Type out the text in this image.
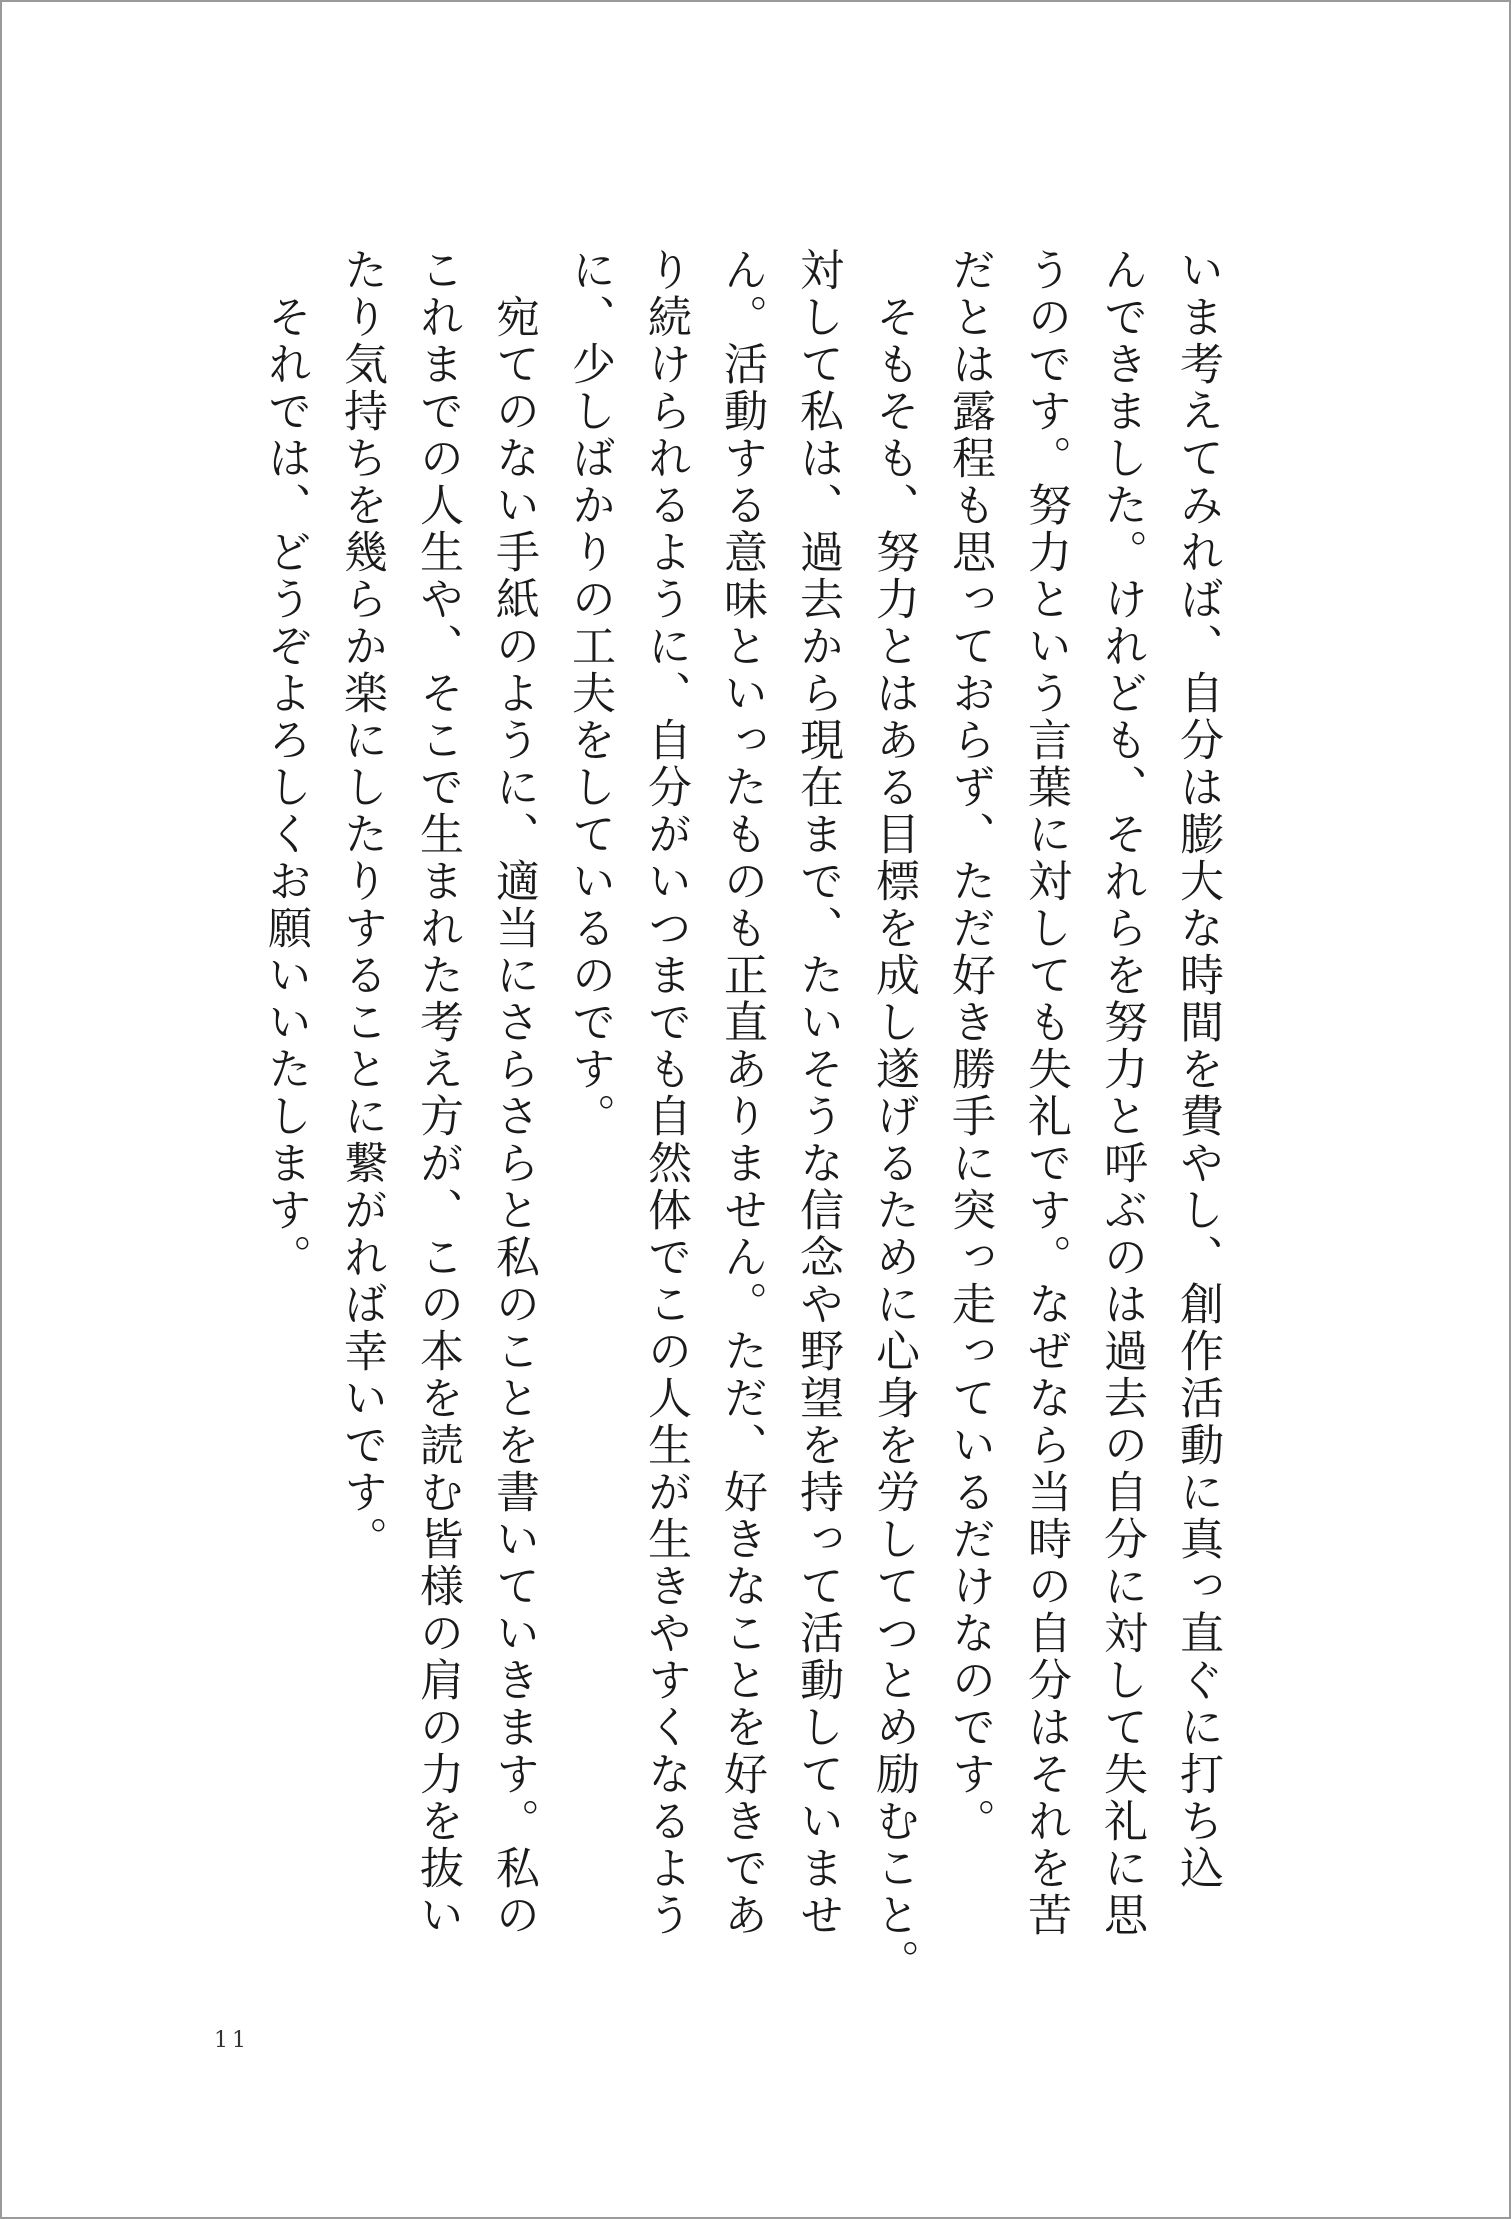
いま考えてみれば、自分は膨大な時間を費やし、創作活動に真っ直ぐに打ち込

んできました。けれども、それらを努力と呼ぶのは過去の自分に対して失礼に思

うのです。努力という言葉に対しても失礼です。なぜなら当時の自分はそれを苦

だとは露程も思っておらず、ただ好き勝手に突っ走っているだけなのです。

　そもそも、努力とはある目標を成し遂げるために心身を労してつとめ励むこと。

対して私は、過去から現在まで、たいそうな信念や野望を持って活動していませ

ん。活動する意味といったものも正直ありません。ただ、好きなことを好きであ

り続けられるように、自分がいつまでも自然体でこの人生が生きやすくなるよう

に、少しばかりの工夫をしているのです。

　宛てのない手紙のように、適当にさらさらと私のことを書いていきます。私の

これまでの人生や、そこで生まれた考え方が、この本を読む皆様の肩の力を抜い

たり気持ちを幾らか楽にしたりすることに繋がれば幸いです。

　それでは、どうぞよろしくお願いいたします。

11
